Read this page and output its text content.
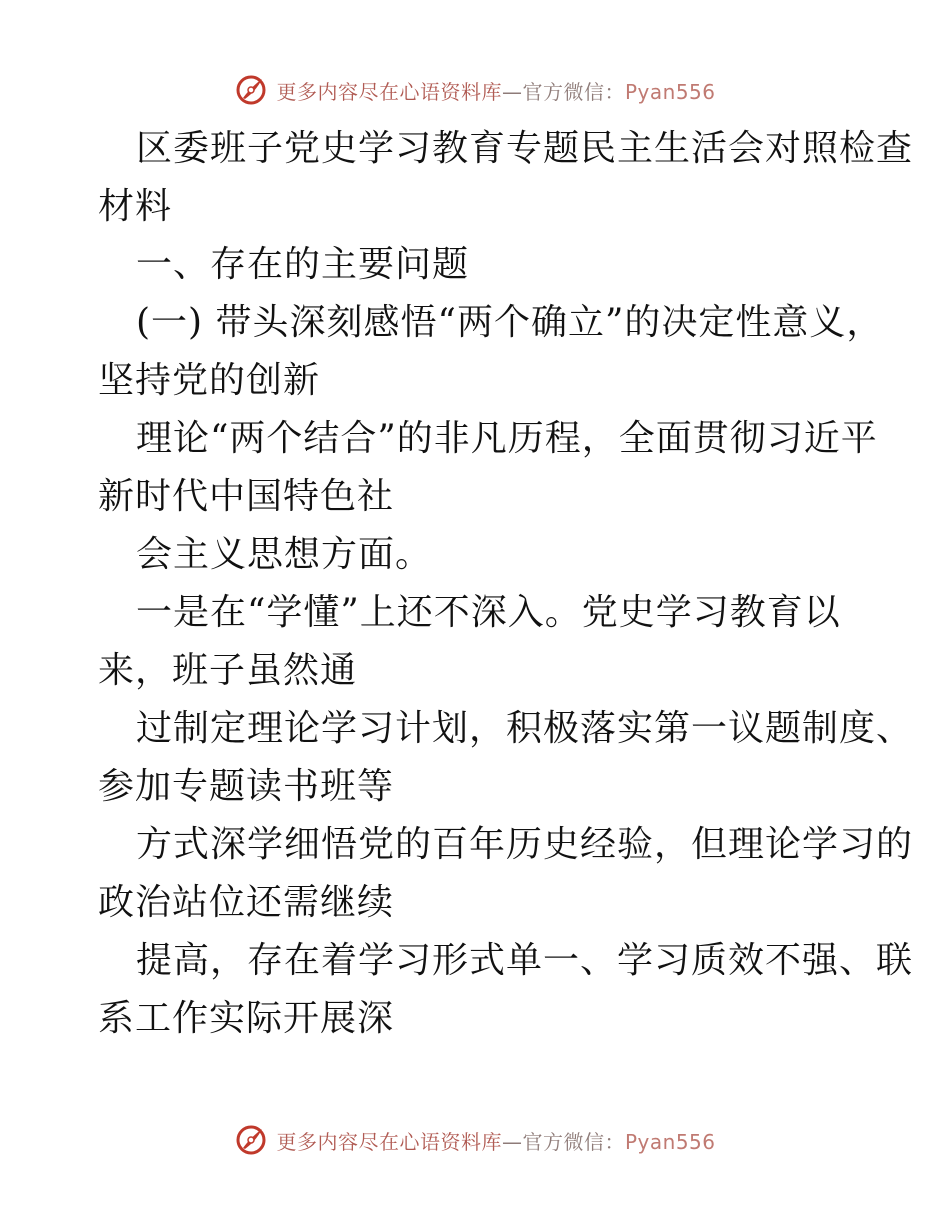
更多内容尽在心语资料库—官方微信：Pyan556
区委班子党史学习教育专题民主生活会对照检查
材料
一、存在的主要问题
(一) 带头深刻感悟“两个确立”的决定性意义，
坚持党的创新
理论“两个结合”的非凡历程，全面贯彻习近平
新时代中国特色社
会主义思想方面。
一是在“学懂”上还不深入。党史学习教育以
来，班子虽然通
过制定理论学习计划，积极落实第一议题制度、
参加专题读书班等
方式深学细悟党的百年历史经验，但理论学习的
政治站位还需继续
提高，存在着学习形式单一、学习质效不强、联
系工作实际开展深
更多内容尽在心语资料库—官方微信：Pyan556
